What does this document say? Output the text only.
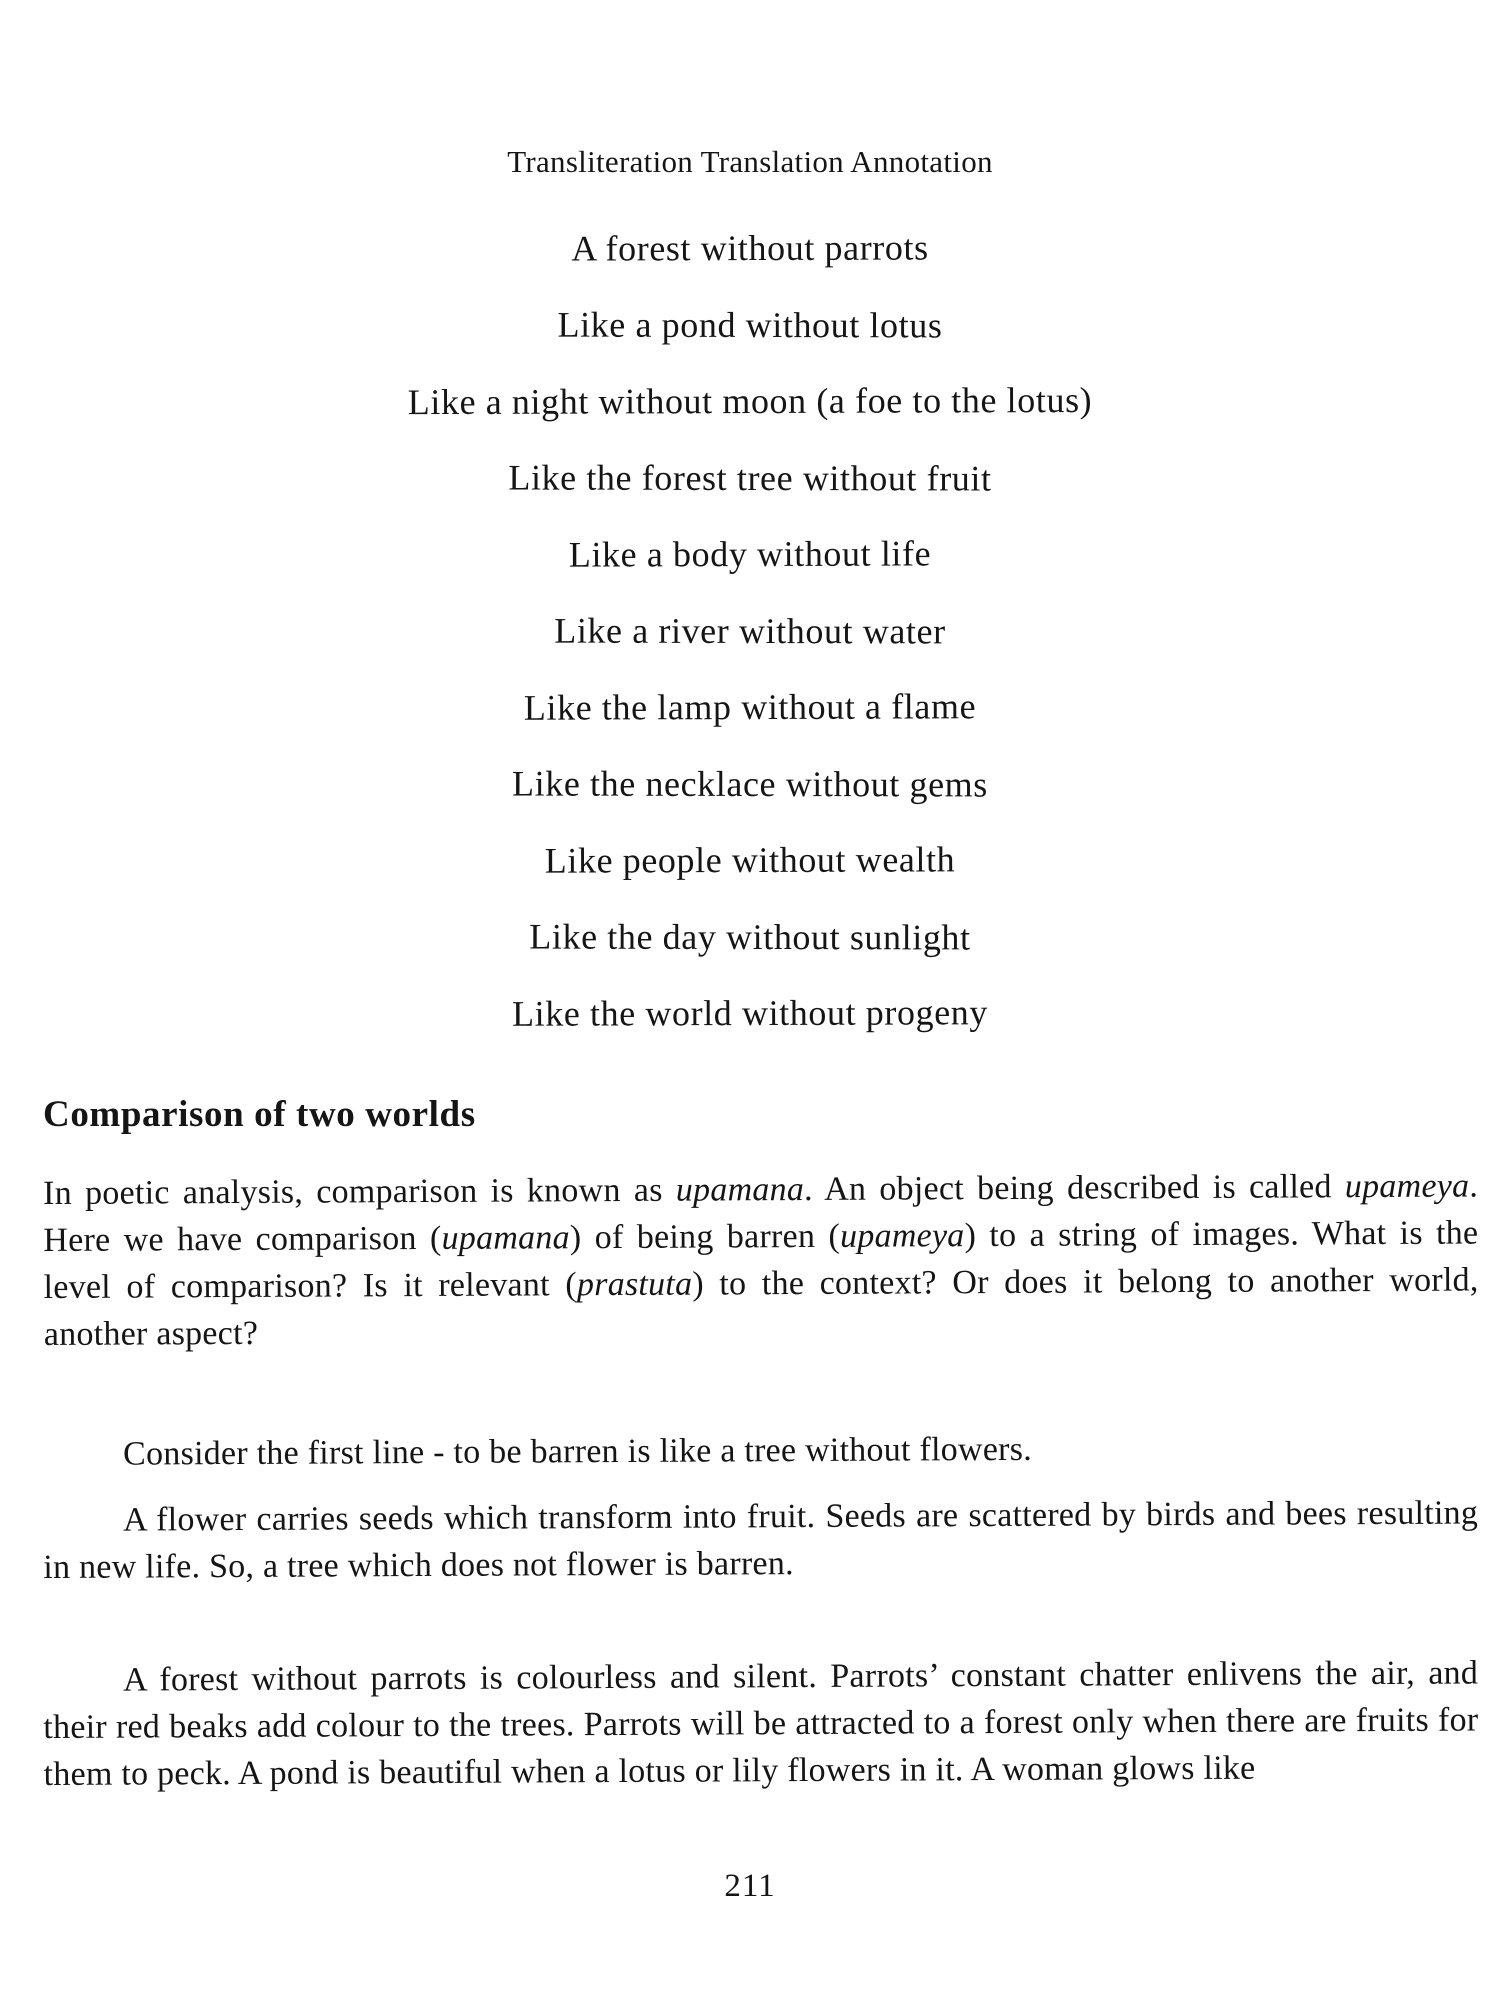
Transliteration Translation Annotation
A forest without parrots
Like a pond without lotus
Like a night without moon (a foe to the lotus)
Like the forest tree without fruit
Like a body without life
Like a river without water
Like the lamp without a flame
Like the necklace without gems
Like people without wealth
Like the day without sunlight
Like the world without progeny
Comparison of two worlds

In poetic analysis, comparison is known as upamana. An object being described is called upameya. Here we have comparison (upamana) of being barren (upameya) to a string of images. What is the level of comparison? Is it relevant (prastuta) to the context? Or does it belong to another world, another aspect?

Consider the first line - to be barren is like a tree without flowers.

A flower carries seeds which transform into fruit. Seeds are scattered by birds and bees resulting in new life. So, a tree which does not flower is barren.

A forest without parrots is colourless and silent. Parrots’ constant chatter enlivens the air, and their red beaks add colour to the trees. Parrots will be attracted to a forest only when there are fruits for them to peck. A pond is beautiful when a lotus or lily flowers in it. A woman glows like

211
